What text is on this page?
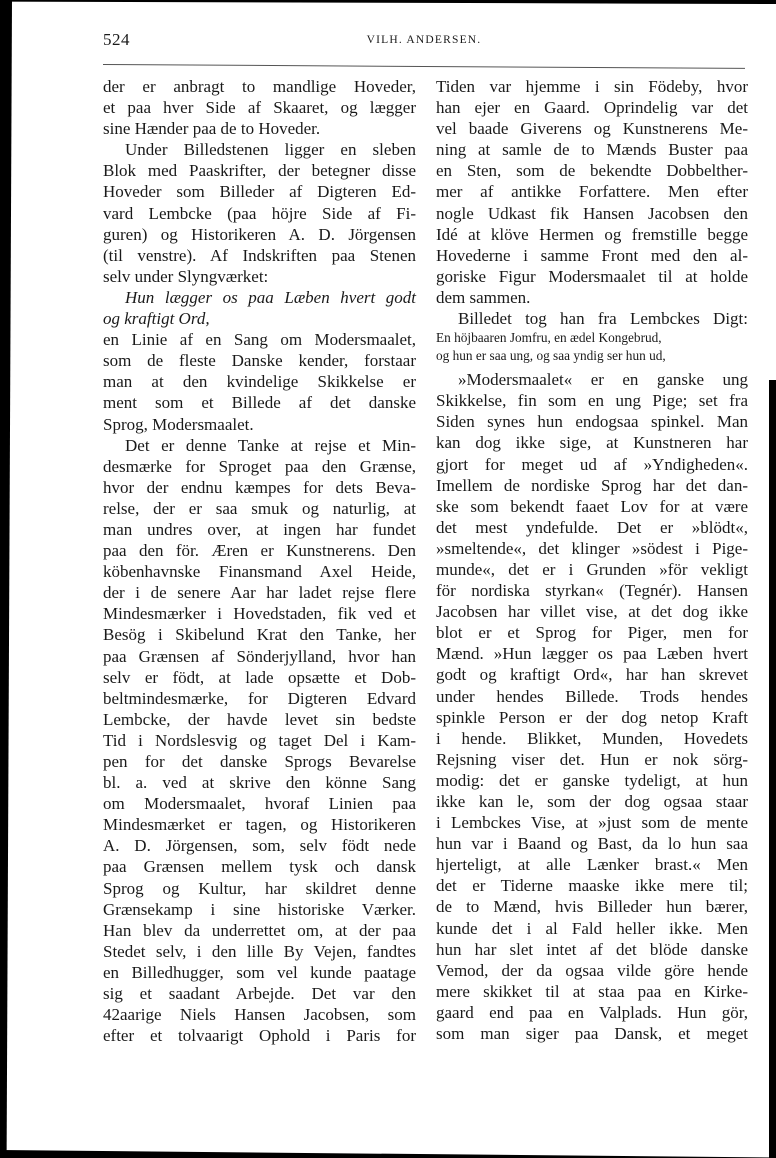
524	VILH. ANDERSEN.
der er anbragt to mandlige Hoveder,
et paa hver Side af Skaaret, og lægger
sine Hænder paa de to Hoveder.
Under Billedstenen ligger en sleben
Blok med Paaskrifter, der betegner disse
Hoveder som Billeder af Digteren Ed-
vard Lembcke (paa höjre Side af Fi-
guren) og Historikeren A. D. Jörgensen
(til venstre). Af Indskriften paa Stenen
selv under Slyngværket:
Hun lægger os paa Læben hvert godt
og kraftigt Ord,
en Linie af en Sang om Modersmaalet,
som de fleste Danske kender, forstaar
man at den kvindelige Skikkelse er
ment som et Billede af det danske
Sprog, Modersmaalet.
Det er denne Tanke at rejse et Min-
desmærke for Sproget paa den Grænse,
hvor der endnu kæmpes for dets Beva-
relse, der er saa smuk og naturlig, at
man undres over, at ingen har fundet
paa den för. Æren er Kunstnerens. Den
köbenhavnske Finansmand Axel Heide,
der i de senere Aar har ladet rejse flere
Mindesmærker i Hovedstaden, fik ved et
Besög i Skibelund Krat den Tanke, her
paa Grænsen af Sönderjylland, hvor han
selv er födt, at lade opsætte et Dob-
beltmindesmærke, for Digteren Edvard
Lembcke, der havde levet sin bedste
Tid i Nordslesvig og taget Del i Kam-
pen for det danske Sprogs Bevarelse
bl. a. ved at skrive den könne Sang
om Modersmaalet, hvoraf Linien paa
Mindesmærket er tagen, og Historikeren
A. D. Jörgensen, som, selv födt nede
paa Grænsen mellem tysk och dansk
Sprog og Kultur, har skildret denne
Grænsekamp i sine historiske Værker.
Han blev da underrettet om, at der paa
Stedet selv, i den lille By Vejen, fandtes
en Billedhugger, som vel kunde paatage
sig et saadant Arbejde. Det var den
42aarige Niels Hansen Jacobsen, som
efter et tolvaarigt Ophold i Paris for
Tiden var hjemme i sin Födeby, hvor
han ejer en Gaard. Oprindelig var det
vel baade Giverens og Kunstnerens Me-
ning at samle de to Mænds Buster paa
en Sten, som de bekendte Dobbelther-
mer af antikke Forfattere. Men efter
nogle Udkast fik Hansen Jacobsen den
Idé at klöve Hermen og fremstille begge
Hovederne i samme Front med den al-
goriske Figur Modersmaalet til at holde
dem sammen.
Billedet tog han fra Lembckes Digt:
En höjbaaren Jomfru, en ædel Kongebrud,
og hun er saa ung, og saa yndig ser hun ud,
»Modersmaalet« er en ganske ung
Skikkelse, fin som en ung Pige; set fra
Siden synes hun endogsaa spinkel. Man
kan dog ikke sige, at Kunstneren har
gjort for meget ud af »Yndigheden«.
Imellem de nordiske Sprog har det dan-
ske som bekendt faaet Lov for at være
det mest yndefulde. Det er »blödt«,
»smeltende«, det klinger »södest i Pige-
munde«, det er i Grunden »för vekligt
för nordiska styrkan« (Tegnér). Hansen
Jacobsen har villet vise, at det dog ikke
blot er et Sprog for Piger, men for
Mænd. »Hun lægger os paa Læben hvert
godt og kraftigt Ord«, har han skrevet
under hendes Billede. Trods hendes
spinkle Person er der dog netop Kraft
i hende. Blikket, Munden, Hovedets
Rejsning viser det. Hun er nok sörg-
modig: det er ganske tydeligt, at hun
ikke kan le, som der dog ogsaa staar
i Lembckes Vise, at »just som de mente
hun var i Baand og Bast, da lo hun saa
hjerteligt, at alle Lænker brast.« Men
det er Tiderne maaske ikke mere til;
de to Mænd, hvis Billeder hun bærer,
kunde det i al Fald heller ikke. Men
hun har slet intet af det blöde danske
Vemod, der da ogsaa vilde göre hende
mere skikket til at staa paa en Kirke-
gaard end paa en Valplads. Hun gör,
som man siger paa Dansk, et meget
